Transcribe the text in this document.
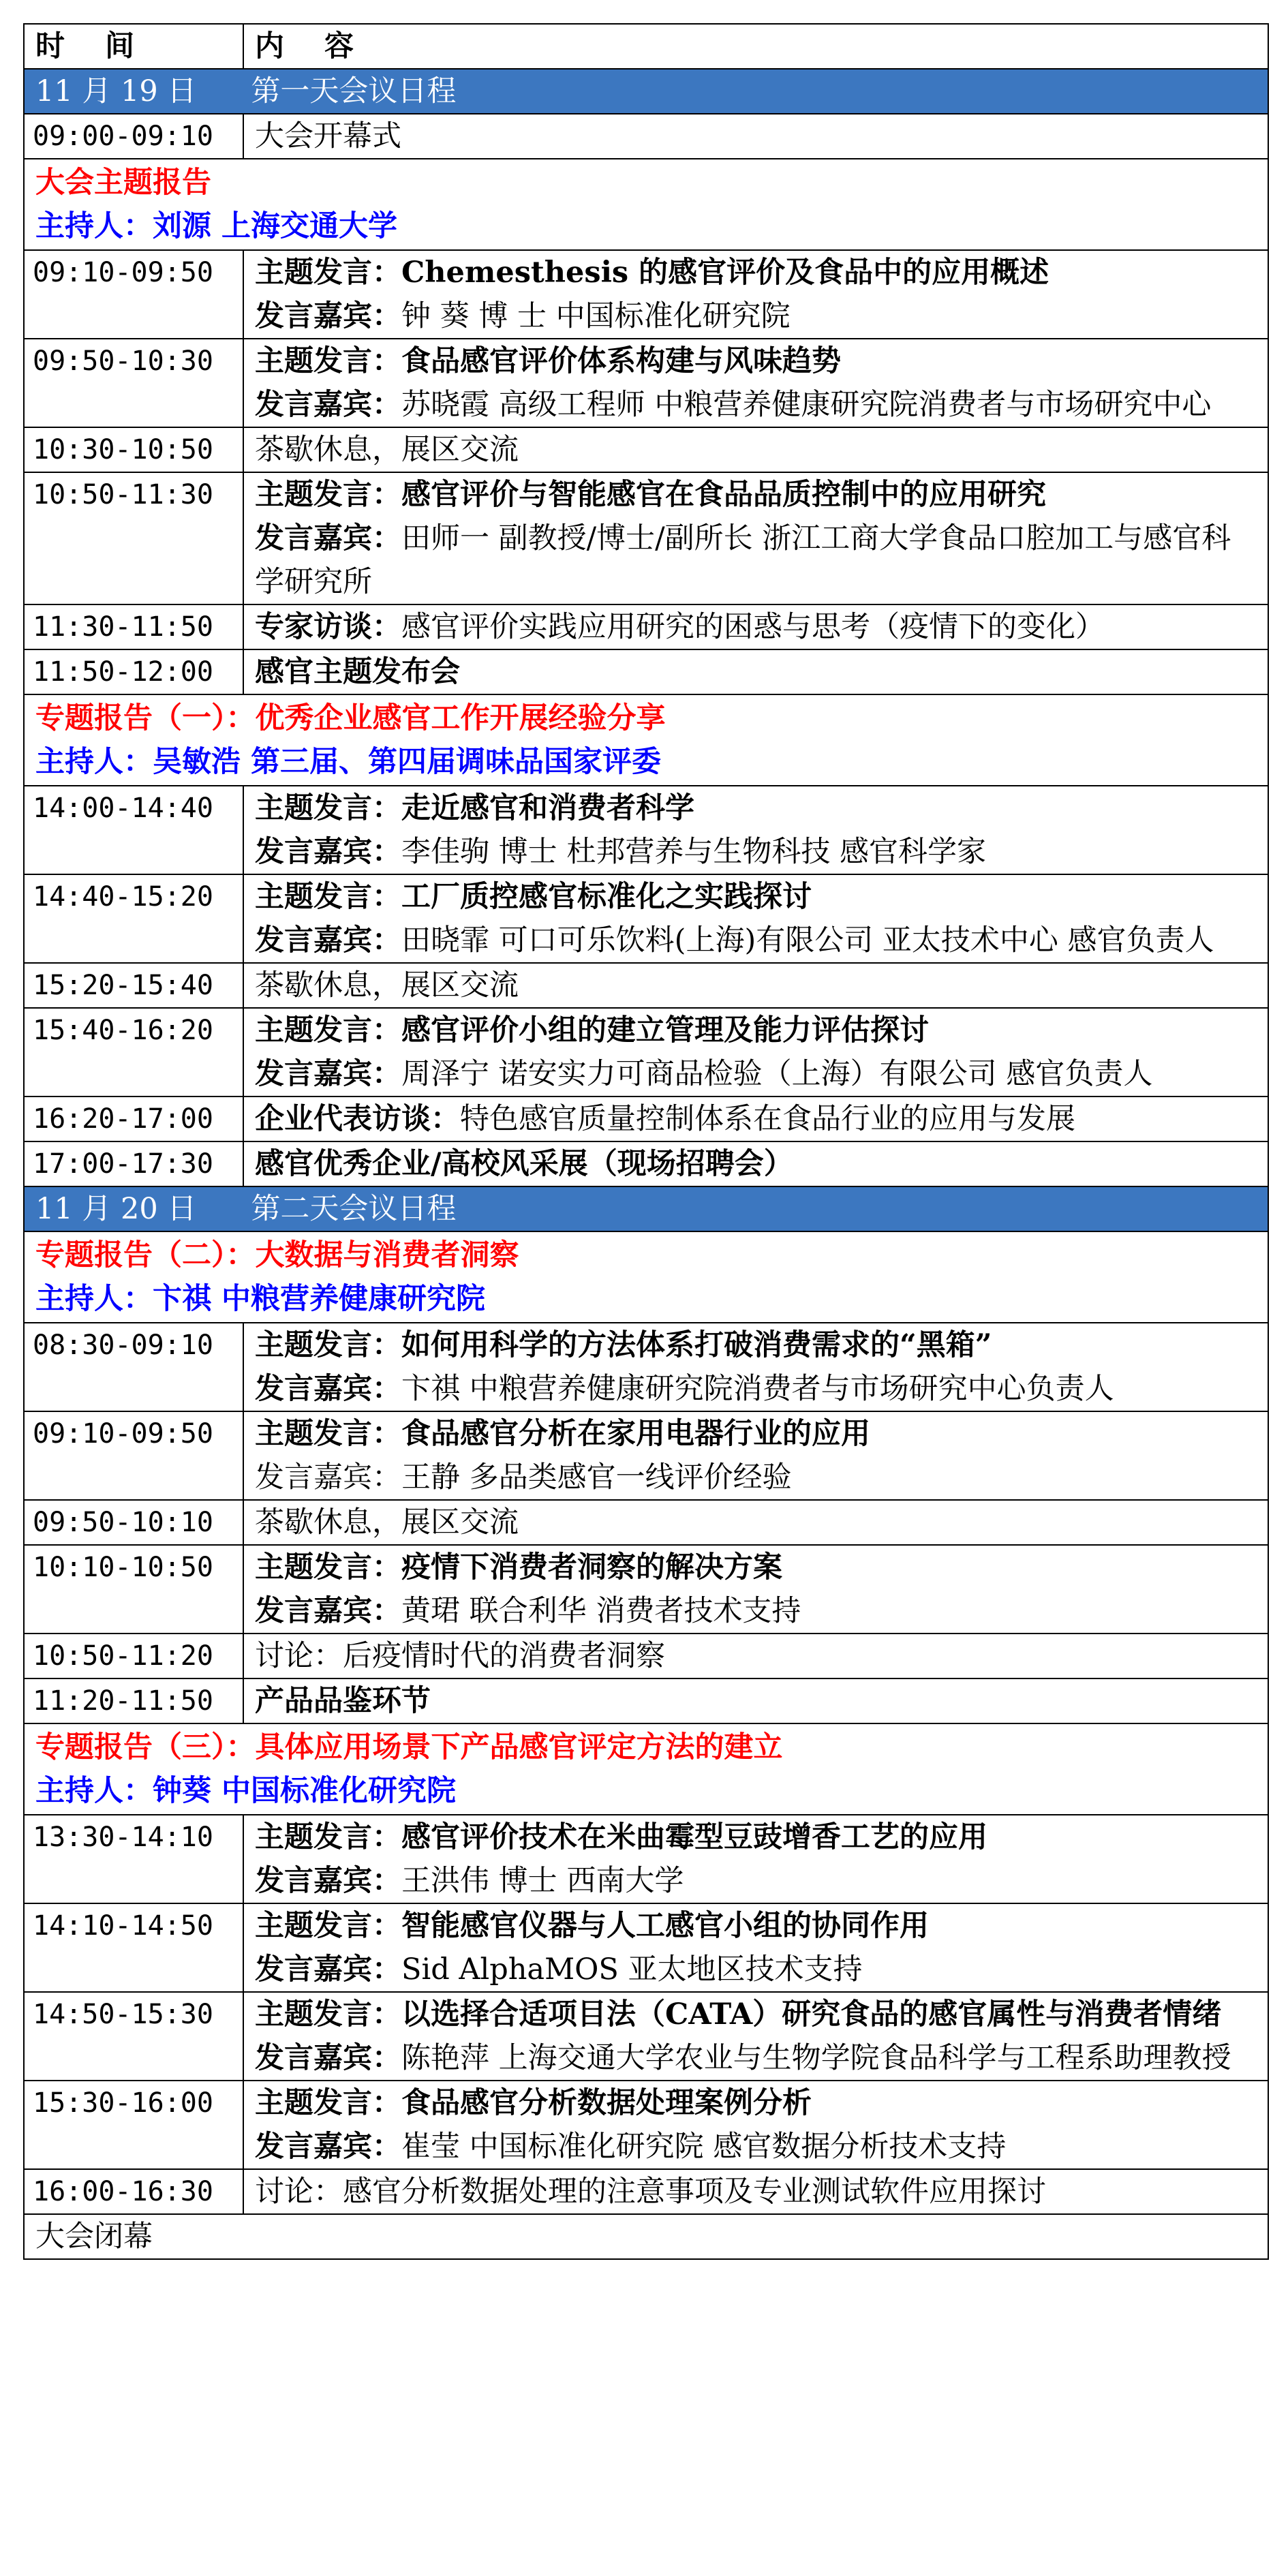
时 间	内 容
11 月 19 日 第一天会议日程	
09:00-09:10	大会开幕式

大会主题报告
主持人：刘源 上海交通大学	

09:10-09:50	主题发言：Chemesthesis 的感官评价及食品中的应用概述
发言嘉宾：钟 葵 博 士 中国标准化研究院

09:50-10:30	主题发言：食品感官评价体系构建与风味趋势
发言嘉宾：苏晓霞 高级工程师 中粮营养健康研究院消费者与市场研究中心

10:30-10:50	茶歇休息，展区交流
10:50-11:30	主题发言：感官评价与智能感官在食品品质控制中的应用研究
发言嘉宾：田师一 副教授/博士/副所长 浙江工商大学食品口腔加工与感官科学研究所

11:30-11:50	专家访谈：感官评价实践应用研究的困惑与思考（疫情下的变化）
11:50-12:00	感官主题发布会

专题报告（一）：优秀企业感官工作开展经验分享
主持人：吴敏浩 第三届、第四届调味品国家评委	

14:00-14:40	主题发言：走近感官和消费者科学
发言嘉宾：李佳驹 博士 杜邦营养与生物科技 感官科学家

14:40-15:20	主题发言：工厂质控感官标准化之实践探讨
发言嘉宾：田晓霏 可口可乐饮料(上海)有限公司 亚太技术中心 感官负责人

15:20-15:40	茶歇休息，展区交流
15:40-16:20	主题发言：感官评价小组的建立管理及能力评估探讨
发言嘉宾：周泽宁 诺安实力可商品检验（上海）有限公司 感官负责人

16:20-17:00	企业代表访谈：特色感官质量控制体系在食品行业的应用与发展
17:00-17:30	感官优秀企业/高校风采展（现场招聘会）
11 月 20 日 第二天会议日程	

专题报告（二）：大数据与消费者洞察
主持人：卞祺 中粮营养健康研究院	

08:30-09:10	主题发言：如何用科学的方法体系打破消费需求的“黑箱”
发言嘉宾：卞祺 中粮营养健康研究院消费者与市场研究中心负责人

09:10-09:50	主题发言：食品感官分析在家用电器行业的应用
发言嘉宾：王静 多品类感官一线评价经验

09:50-10:10	茶歇休息，展区交流
10:10-10:50	主题发言：疫情下消费者洞察的解决方案
发言嘉宾：黄珺 联合利华 消费者技术支持

10:50-11:20	讨论：后疫情时代的消费者洞察
11:20-11:50	产品品鉴环节

专题报告（三）：具体应用场景下产品感官评定方法的建立
主持人：钟葵 中国标准化研究院	

13:30-14:10	主题发言：感官评价技术在米曲霉型豆豉增香工艺的应用
发言嘉宾：王洪伟 博士 西南大学

14:10-14:50	主题发言：智能感官仪器与人工感官小组的协同作用
发言嘉宾：Sid AlphaMOS 亚太地区技术支持

14:50-15:30	主题发言：以选择合适项目法（CATA）研究食品的感官属性与消费者情绪
发言嘉宾：陈艳萍 上海交通大学农业与生物学院食品科学与工程系助理教授

15:30-16:00	主题发言：食品感官分析数据处理案例分析
发言嘉宾：崔莹 中国标准化研究院 感官数据分析技术支持

16:00-16:30	讨论：感官分析数据处理的注意事项及专业测试软件应用探讨
大会闭幕	
